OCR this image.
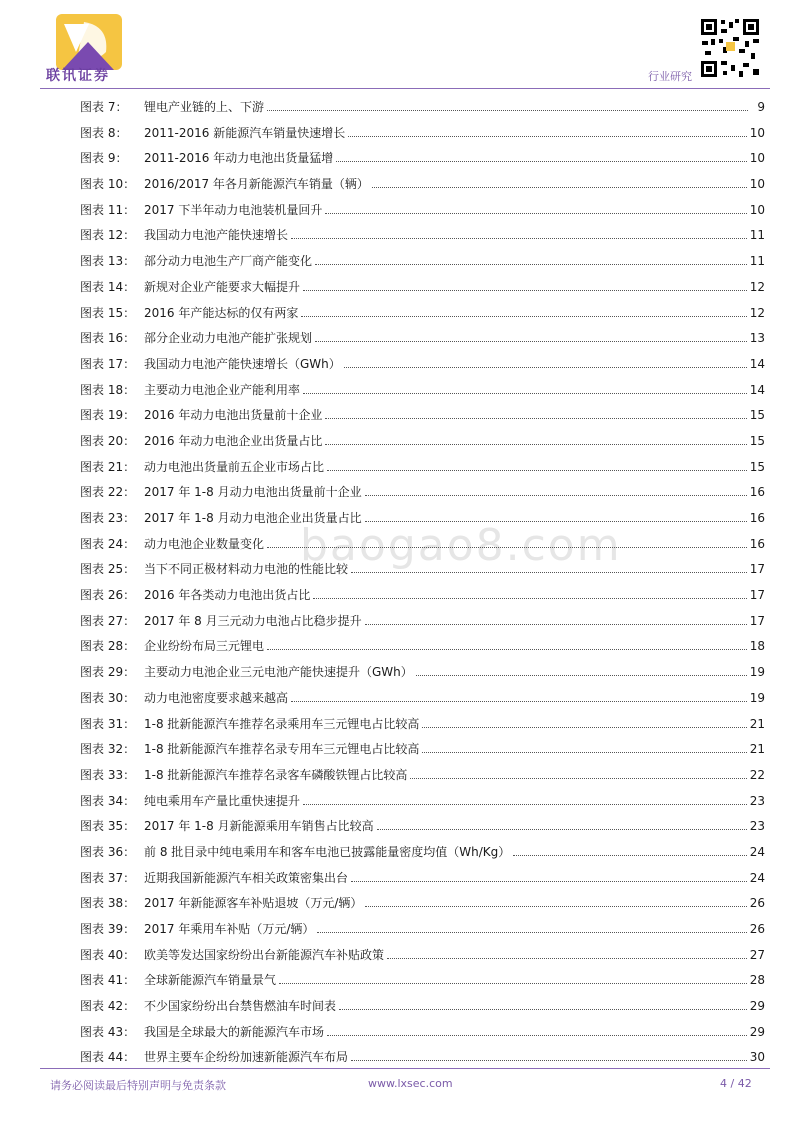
联讯证券	行业研究
baogao8.com
图表 7：	锂电产业链的上、下游	9
图表 8：	2011-2016 新能源汽车销量快速增长	10
图表 9：	2011-2016 年动力电池出货量猛增	10
图表 10： 2016/2017 年各月新能源汽车销量（辆）	10
图表 11： 2017 下半年动力电池装机量回升	10
图表 12： 我国动力电池产能快速增长	11
图表 13： 部分动力电池生产厂商产能变化	11
图表 14： 新规对企业产能要求大幅提升	12
图表 15： 2016 年产能达标的仅有两家	12
图表 16： 部分企业动力电池产能扩张规划	13
图表 17： 我国动力电池产能快速增长（GWh）	14
图表 18： 主要动力电池企业产能利用率	14
图表 19： 2016 年动力电池出货量前十企业	15
图表 20： 2016 年动力电池企业出货量占比	15
图表 21： 动力电池出货量前五企业市场占比	15
图表 22： 2017 年 1-8 月动力电池出货量前十企业	16
图表 23： 2017 年 1-8 月动力电池企业出货量占比	16
图表 24： 动力电池企业数量变化	16
图表 25： 当下不同正极材料动力电池的性能比较	17
图表 26： 2016 年各类动力电池出货占比	17
图表 27： 2017 年 8 月三元动力电池占比稳步提升	17
图表 28： 企业纷纷布局三元锂电	18
图表 29： 主要动力电池企业三元电池产能快速提升（GWh）	19
图表 30： 动力电池密度要求越来越高	19
图表 31： 1-8 批新能源汽车推荐名录乘用车三元锂电占比较高	21
图表 32： 1-8 批新能源汽车推荐名录专用车三元锂电占比较高	21
图表 33： 1-8 批新能源汽车推荐名录客车磷酸铁锂占比较高	22
图表 34： 纯电乘用车产量比重快速提升	23
图表 35： 2017 年 1-8 月新能源乘用车销售占比较高	23
图表 36： 前 8 批目录中纯电乘用车和客车电池已披露能量密度均值（Wh/Kg）	24
图表 37： 近期我国新能源汽车相关政策密集出台	24
图表 38： 2017 年新能源客车补贴退坡（万元/辆）	26
图表 39： 2017 年乘用车补贴（万元/辆）	26
图表 40： 欧美等发达国家纷纷出台新能源汽车补贴政策	27
图表 41： 全球新能源汽车销量景气	28
图表 42： 不少国家纷纷出台禁售燃油车时间表	29
图表 43： 我国是全球最大的新能源汽车市场	29
图表 44： 世界主要车企纷纷加速新能源汽车布局	30
请务必阅读最后特别声明与免责条款	www.lxsec.com	4 / 42
